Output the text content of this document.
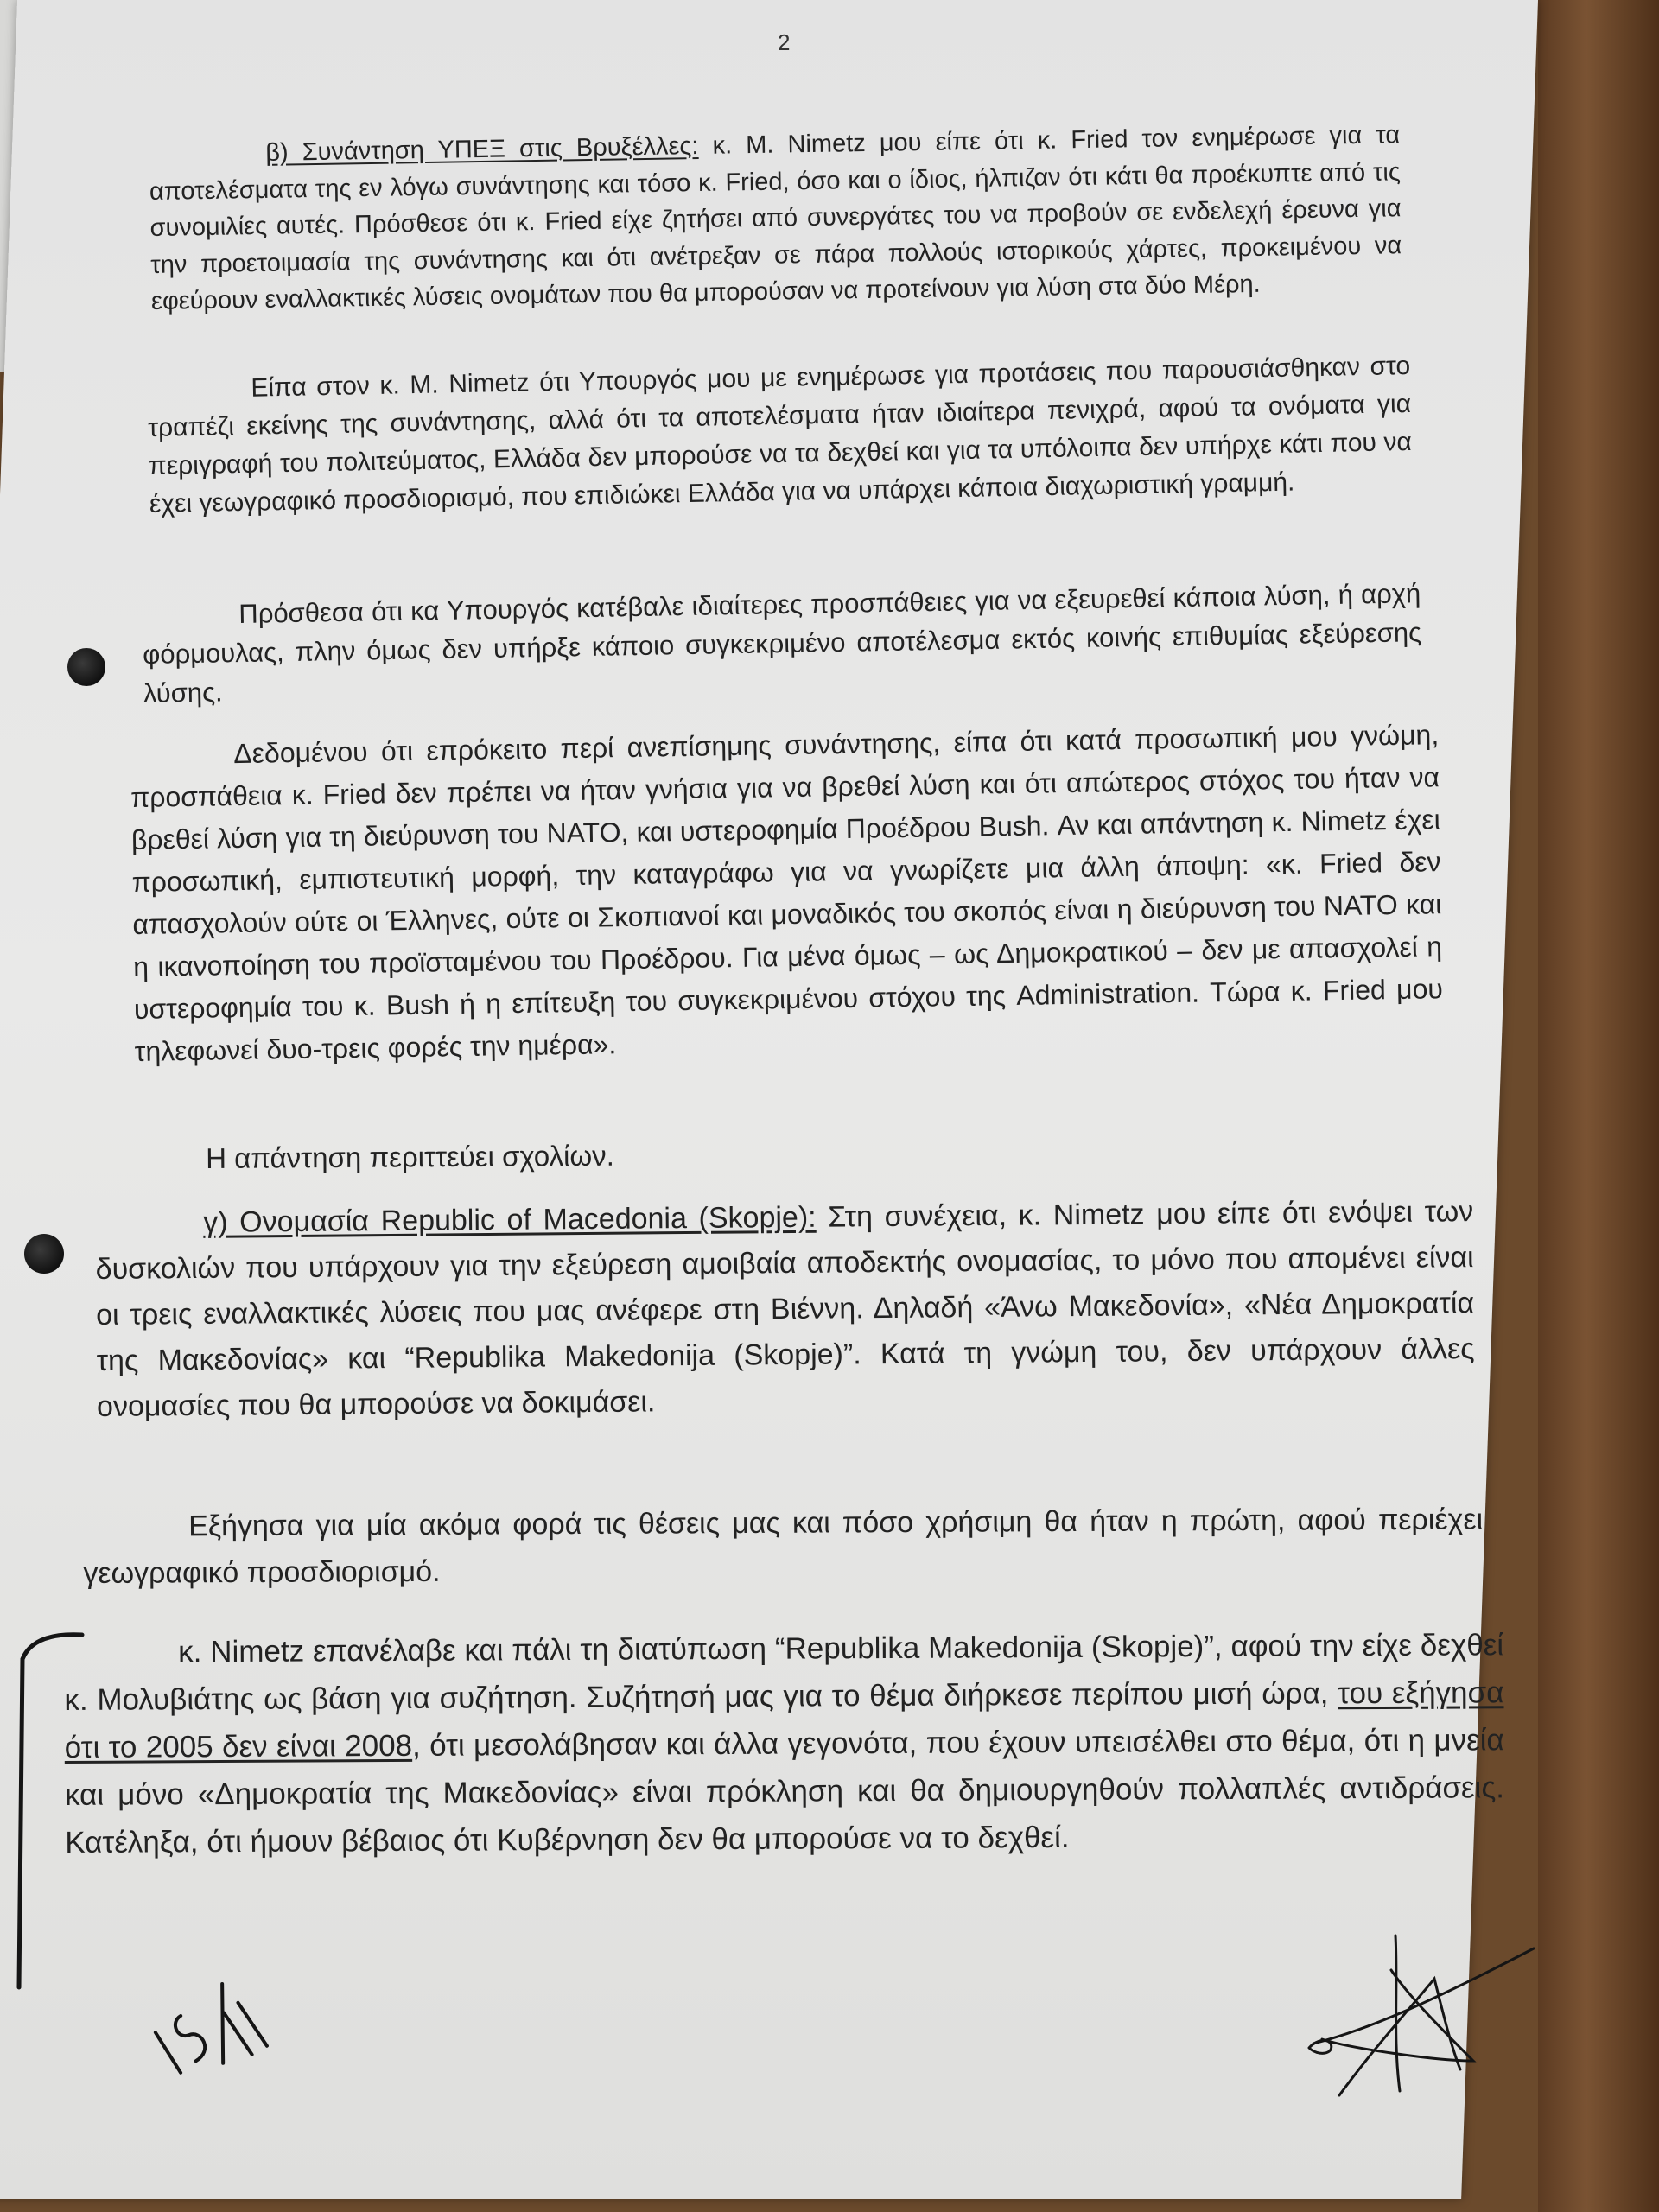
2

β) Συνάντηση ΥΠΕΞ στις Βρυξέλλες: κ. Μ. Nimetz μου είπε ότι κ. Fried τον ενημέρωσε για τα αποτελέσματα της εν λόγω συνάντησης και τόσο κ. Fried, όσο και ο ίδιος, ήλπιζαν ότι κάτι θα προέκυπτε από τις συνομιλίες αυτές. Πρόσθεσε ότι κ. Fried είχε ζητήσει από συνεργάτες του να προβούν σε ενδελεχή έρευνα για την προετοιμασία της συνάντησης και ότι ανέτρεξαν σε πάρα πολλούς ιστορικούς χάρτες, προκειμένου να εφεύρουν εναλλακτικές λύσεις ονομάτων που θα μπορούσαν να προτείνουν για λύση στα δύο Μέρη.

Είπα στον κ. Μ. Nimetz ότι Υπουργός μου με ενημέρωσε για προτάσεις που παρουσιάσθηκαν στο τραπέζι εκείνης της συνάντησης, αλλά ότι τα αποτελέσματα ήταν ιδιαίτερα πενιχρά, αφού τα ονόματα για περιγραφή του πολιτεύματος, Ελλάδα δεν μπορούσε να τα δεχθεί και για τα υπόλοιπα δεν υπήρχε κάτι που να έχει γεωγραφικό προσδιορισμό, που επιδιώκει Ελλάδα για να υπάρχει κάποια διαχωριστική γραμμή.

Πρόσθεσα ότι κα Υπουργός κατέβαλε ιδιαίτερες προσπάθειες για να εξευρεθεί κάποια λύση, ή αρχή φόρμουλας, πλην όμως δεν υπήρξε κάποιο συγκεκριμένο αποτέλεσμα εκτός κοινής επιθυμίας εξεύρεσης λύσης.

Δεδομένου ότι επρόκειτο περί ανεπίσημης συνάντησης, είπα ότι κατά προσωπική μου γνώμη, προσπάθεια κ. Fried δεν πρέπει να ήταν γνήσια για να βρεθεί λύση και ότι απώτερος στόχος του ήταν να βρεθεί λύση για τη διεύρυνση του ΝΑΤΟ, και υστεροφημία Προέδρου Bush. Αν και απάντηση κ. Nimetz έχει προσωπική, εμπιστευτική μορφή, την καταγράφω για να γνωρίζετε μια άλλη άποψη: «κ. Fried δεν απασχολούν ούτε οι Έλληνες, ούτε οι Σκοπιανοί και μοναδικός του σκοπός είναι η διεύρυνση του ΝΑΤΟ και η ικανοποίηση του προϊσταμένου του Προέδρου. Για μένα όμως – ως Δημοκρατικού – δεν με απασχολεί η υστεροφημία του κ. Bush ή η επίτευξη του συγκεκριμένου στόχου της Administration. Τώρα κ. Fried μου τηλεφωνεί δυο-τρεις φορές την ημέρα».

Η απάντηση περιττεύει σχολίων.

γ) Ονομασία Republic of Macedonia (Skopje): Στη συνέχεια, κ. Nimetz μου είπε ότι ενόψει των δυσκολιών που υπάρχουν για την εξεύρεση αμοιβαία αποδεκτής ονομασίας, το μόνο που απομένει είναι οι τρεις εναλλακτικές λύσεις που μας ανέφερε στη Βιέννη. Δηλαδή «Άνω Μακεδονία», «Νέα Δημοκρατία της Μακεδονίας» και “Republika Makedonija (Skopje)”. Κατά τη γνώμη του, δεν υπάρχουν άλλες ονομασίες που θα μπορούσε να δοκιμάσει.

Εξήγησα για μία ακόμα φορά τις θέσεις μας και πόσο χρήσιμη θα ήταν η πρώτη, αφού περιέχει γεωγραφικό προσδιορισμό.

κ. Nimetz επανέλαβε και πάλι τη διατύπωση “Republika Makedonija (Skopje)”, αφού την είχε δεχθεί κ. Μολυβιάτης ως βάση για συζήτηση. Συζήτησή μας για το θέμα διήρκεσε περίπου μισή ώρα, του εξήγησα ότι το 2005 δεν είναι 2008, ότι μεσολάβησαν και άλλα γεγονότα, που έχουν υπεισέλθει στο θέμα, ότι η μνεία και μόνο «Δημοκρατία της Μακεδονίας» είναι πρόκληση και θα δημιουργηθούν πολλαπλές αντιδράσεις. Κατέληξα, ότι ήμουν βέβαιος ότι Κυβέρνηση δεν θα μπορούσε να το δεχθεί.
